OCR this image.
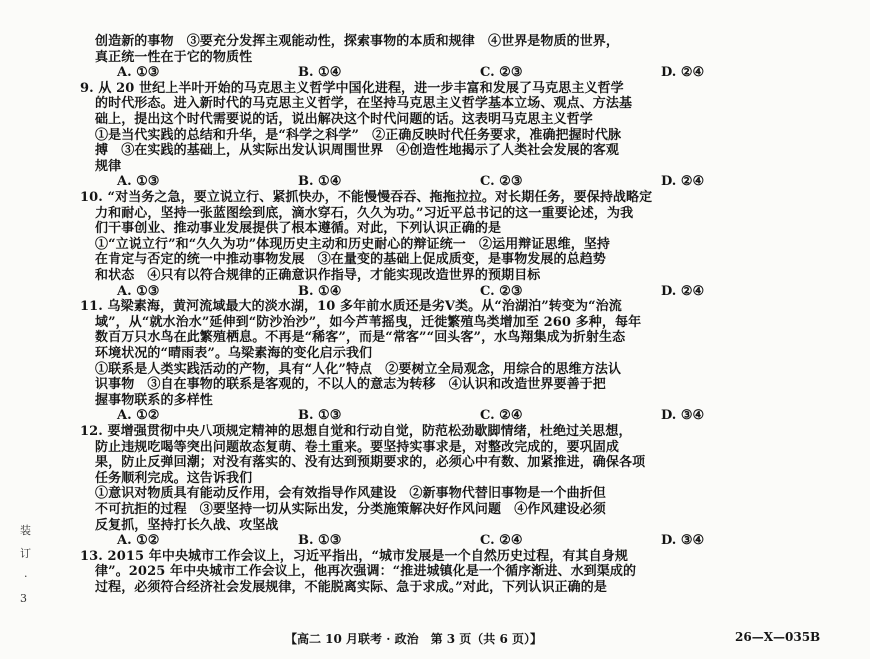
创造新的事物　③要充分发挥主观能动性，探索事物的本质和规律　④世界是物质的世界，
真正统一性在于它的物质性
A. ①③	B. ①④	C. ②③	D. ②④
9. 从 20 世纪上半叶开始的马克思主义哲学中国化进程，进一步丰富和发展了马克思主义哲学
的时代形态。进入新时代的马克思主义哲学，在坚持马克思主义哲学基本立场、观点、方法基
础上，提出这个时代需要说的话，说出解决这个时代问题的话。这表明马克思主义哲学
①是当代实践的总结和升华，是“科学之科学”　②正确反映时代任务要求，准确把握时代脉
搏　③在实践的基础上，从实际出发认识周围世界　④创造性地揭示了人类社会发展的客观
规律
A. ①③	B. ①④	C. ②③	D. ②④
10. “对当务之急，要立说立行、紧抓快办，不能慢慢吞吞、拖拖拉拉。对长期任务，要保持战略定
力和耐心，坚持一张蓝图绘到底，滴水穿石，久久为功。”习近平总书记的这一重要论述，为我
们干事创业、推动事业发展提供了根本遵循。对此，下列认识正确的是
①“立说立行”和“久久为功”体现历史主动和历史耐心的辩证统一　②运用辩证思维，坚持
在肯定与否定的统一中推动事物发展　③在量变的基础上促成质变，是事物发展的总趋势
和状态　④只有以符合规律的正确意识作指导，才能实现改造世界的预期目标
A. ①③	B. ①④	C. ②③	D. ②④
11. 乌梁素海，黄河流域最大的淡水湖，10 多年前水质还是劣Ⅴ类。从“治湖泊”转变为“治流
域”，从“就水治水”延伸到“防沙治沙”，如今芦苇摇曳，迁徙繁殖鸟类增加至 260 多种，每年
数百万只水鸟在此繁殖栖息。不再是“稀客”，而是“常客”“回头客”，水鸟翔集成为折射生态
环境状况的“晴雨表”。乌梁素海的变化启示我们
①联系是人类实践活动的产物，具有“人化”特点　②要树立全局观念，用综合的思维方法认
识事物　③自在事物的联系是客观的，不以人的意志为转移　④认识和改造世界要善于把
握事物联系的多样性
A. ①②	B. ①③	C. ②④	D. ③④
12. 要增强贯彻中央八项规定精神的思想自觉和行动自觉，防范松劲歇脚情绪，杜绝过关思想，
防止违规吃喝等突出问题故态复萌、卷土重来。要坚持实事求是，对整改完成的，要巩固成
果，防止反弹回潮；对没有落实的、没有达到预期要求的，必须心中有数、加紧推进，确保各项
任务顺利完成。这告诉我们
①意识对物质具有能动反作用，会有效指导作风建设　②新事物代替旧事物是一个曲折但
不可抗拒的过程　③要坚持一切从实际出发，分类施策解决好作风问题　④作风建设必须
反复抓，坚持打长久战、攻坚战
A. ①②	B. ①③	C. ②④	D. ③④
13. 2015 年中央城市工作会议上，习近平指出，“城市发展是一个自然历史过程，有其自身规
律”。2025 年中央城市工作会议上，他再次强调：“推进城镇化是一个循序渐进、水到渠成的
过程，必须符合经济社会发展规律，不能脱离实际、急于求成。”对此，下列认识正确的是
【高二 10 月联考 · 政治　第 3 页（共 6 页）】	26—X—035B
装
订
·
3
